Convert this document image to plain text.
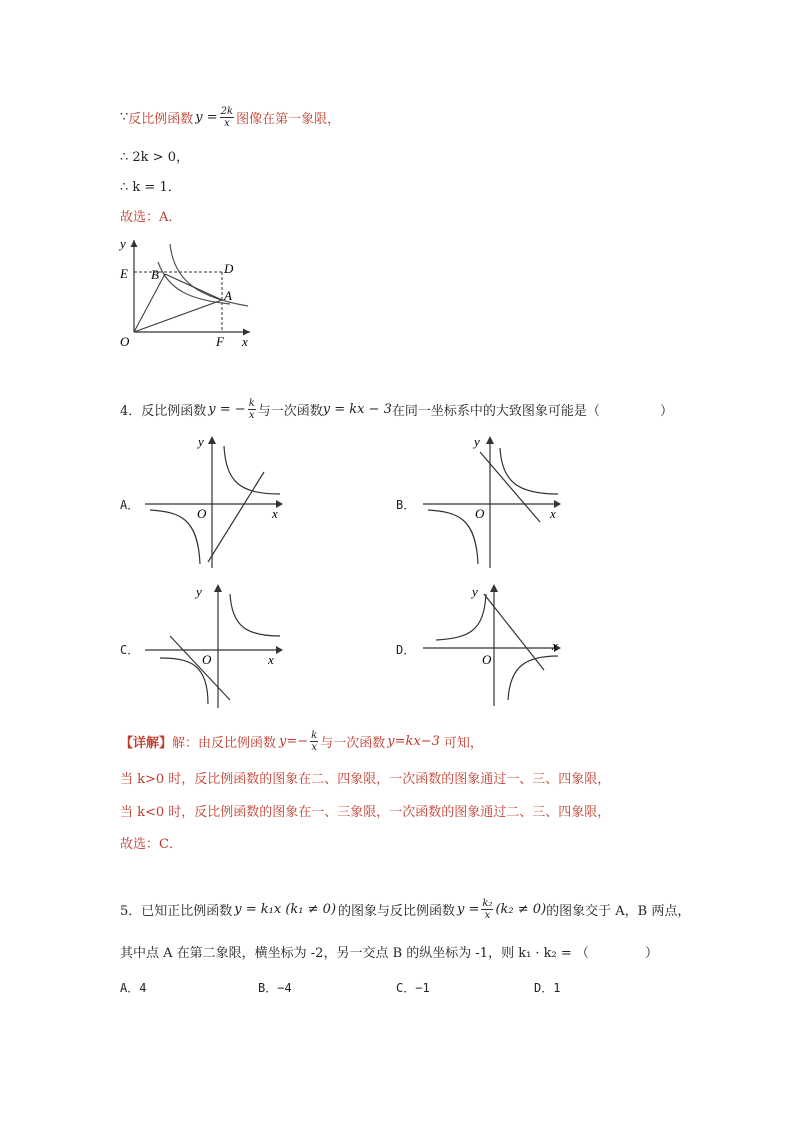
∵ 反比例函数 $y = \frac{2k}{x}$ 图像在第一象限，
∴ 2k > 0，
∴ k = 1．
故选：A．
y
x
O
E B	D
A
F
4． 反比例函数 y = − $\frac{k}{x}$ 与一次函数 y = kx − 3 在同一坐标系中的大致图象可能是（	）
A．	B．
C．	D．
y
x
O
y
x
O
y
x
O
y
x
O
【详解】 解：由反比例函数 $y=- \frac{k}{x}$ 与一次函数 y=kx−3 可知，
当 k>0 时，反比例函数的图象在二、四象限，一次函数的图象通过一、三、四象限，
当 k<0 时，反比例函数的图象在一、三象限，一次函数的图象通过二、三、四象限，
故选：C．
5． 已知正比例函数 y = k₁x (k₁ ≠ 0) 的图象与反比例函数 $y = \frac{\text{k₂}}{x} (k_2 \ne 0)$ 的图象交于 A，B 两点，
其中点 A 在第二象限，横坐标为 -2，另一交点 B 的纵坐标为 -1，则 k₁ · k₂ = （	）
A．4	B．−4	C．−1	D．1
